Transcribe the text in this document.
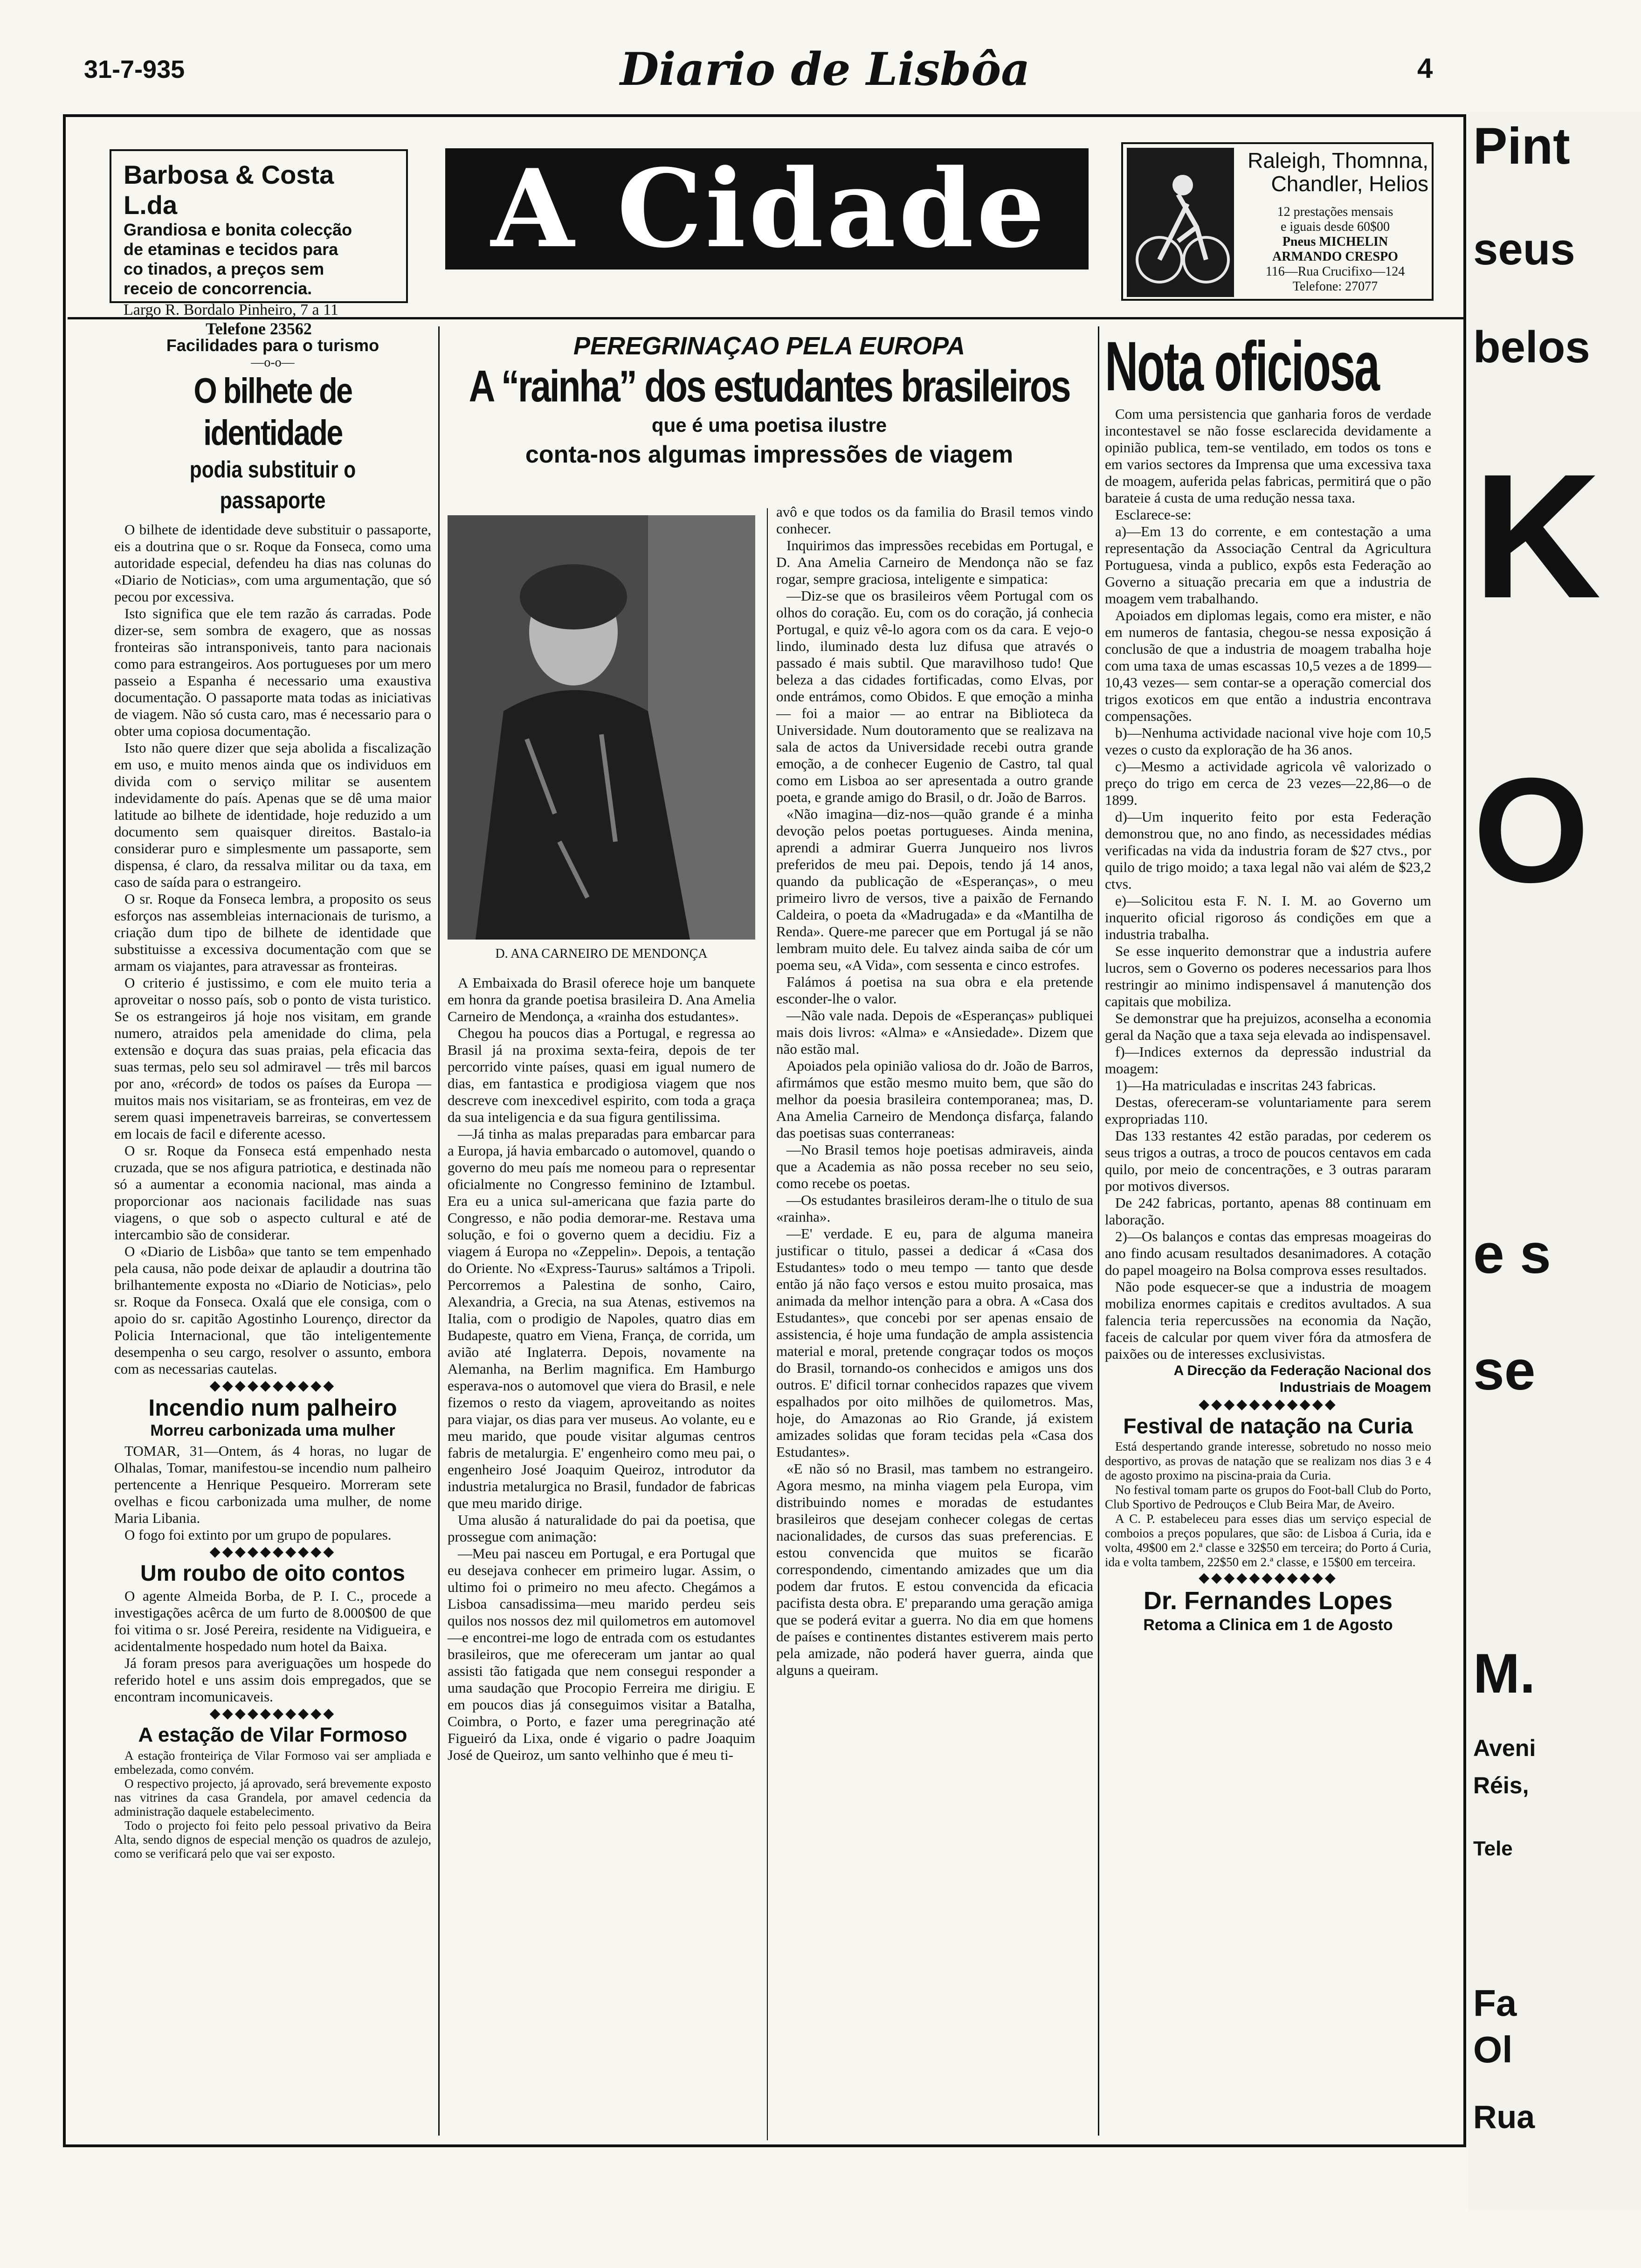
31-7-935	Diario de Lisbôa	4
Barbosa & Costa L.da
Grandiosa e bonita colecção
de etaminas e tecidos para
co tinados, a preços sem
receio de concorrencia.
Largo R. Bordalo Pinheiro, 7 a 11
Telefone 23562
A Cidade	Raleigh, Thomnna, Chandler, Helios
12 prestações mensais
e iguais desde 60$00
Pneus MICHELIN
ARMANDO CRESPO
116—Rua Crucifixo—124
Telefone: 27077
Facilidades para o turismo
—o-o—
O bilhete de identidade
podia substituir o passaporte

O bilhete de identidade deve substituir o passaporte, eis a doutrina que o sr. Roque da Fonseca, como uma autoridade especial, defendeu ha dias nas colunas do «Diario de Noticias», com uma argumentação, que só pecou por excessiva.

Isto significa que ele tem razão ás carradas. Pode dizer-se, sem sombra de exagero, que as nossas fronteiras são intransponiveis, tanto para nacionais como para estrangeiros. Aos portugueses por um mero passeio a Espanha é necessario uma exaustiva documentação. O passaporte mata todas as iniciativas de viagem. Não só custa caro, mas é necessario para o obter uma copiosa documentação.

Isto não quere dizer que seja abolida a fiscalização em uso, e muito menos ainda que os individuos em divida com o serviço militar se ausentem indevidamente do país. Apenas que se dê uma maior latitude ao bilhete de identidade, hoje reduzido a um documento sem quaisquer direitos. Bastalo-ia considerar puro e simplesmente um passaporte, sem dispensa, é claro, da ressalva militar ou da taxa, em caso de saída para o estrangeiro.

O sr. Roque da Fonseca lembra, a proposito os seus esforços nas assembleias internacionais de turismo, a criação dum tipo de bilhete de identidade que substituisse a excessiva documentação com que se armam os viajantes, para atravessar as fronteiras.

O criterio é justissimo, e com ele muito teria a aproveitar o nosso país, sob o ponto de vista turistico. Se os estrangeiros já hoje nos visitam, em grande numero, atraidos pela amenidade do clima, pela extensão e doçura das suas praias, pela eficacia das suas termas, pelo seu sol admiravel — três mil barcos por ano, «récord» de todos os países da Europa — muitos mais nos visitariam, se as fronteiras, em vez de serem quasi impenetraveis barreiras, se convertessem em locais de facil e diferente acesso.

O sr. Roque da Fonseca está empenhado nesta cruzada, que se nos afigura patriotica, e destinada não só a aumentar a economia nacional, mas ainda a proporcionar aos nacionais facilidade nas suas viagens, o que sob o aspecto cultural e até de intercambio são de considerar.

O «Diario de Lisbôa» que tanto se tem empenhado pela causa, não pode deixar de aplaudir a doutrina tão brilhantemente exposta no «Diario de Noticias», pelo sr. Roque da Fonseca. Oxalá que ele consiga, com o apoio do sr. capitão Agostinho Lourenço, director da Policia Internacional, que tão inteligentemente desempenha o seu cargo, resolver o assunto, embora com as necessarias cautelas.

◆◆◆◆◆◆◆◆◆◆
Incendio num palheiro
Morreu carbonizada uma mulher

TOMAR, 31—Ontem, ás 4 horas, no lugar de Olhalas, Tomar, manifestou-se incendio num palheiro pertencente a Henrique Pesqueiro. Morreram sete ovelhas e ficou carbonizada uma mulher, de nome Maria Libania.

O fogo foi extinto por um grupo de populares.

◆◆◆◆◆◆◆◆◆◆
Um roubo de oito contos

O agente Almeida Borba, de P. I. C., procede a investigações acêrca de um furto de 8.000$00 de que foi vitima o sr. José Pereira, residente na Vidigueira, e acidentalmente hospedado num hotel da Baixa.

Já foram presos para averiguações um hospede do referido hotel e uns assim dois empregados, que se encontram incomunicaveis.

◆◆◆◆◆◆◆◆◆◆
A estação de Vilar Formoso

A estação fronteiriça de Vilar Formoso vai ser ampliada e embelezada, como convém.

O respectivo projecto, já aprovado, será brevemente exposto nas vitrines da casa Grandela, por amavel cedencia da administração daquele estabelecimento.

Todo o projecto foi feito pelo pessoal privativo da Beira Alta, sendo dignos de especial menção os quadros de azulejo, como se verificará pelo que vai ser exposto.

PEREGRINAÇAO PELA EUROPA
A “rainha” dos estudantes brasileiros
que é uma poetisa ilustre
conta-nos algumas impressões de viagem
D. ANA CARNEIRO DE MENDONÇA

A Embaixada do Brasil oferece hoje um banquete em honra da grande poetisa brasileira D. Ana Amelia Carneiro de Mendonça, a «rainha dos estudantes».

Chegou ha poucos dias a Portugal, e regressa ao Brasil já na proxima sexta-feira, depois de ter percorrido vinte países, quasi em igual numero de dias, em fantastica e prodigiosa viagem que nos descreve com inexcedivel espirito, com toda a graça da sua inteligencia e da sua figura gentilissima.

—Já tinha as malas preparadas para embarcar para a Europa, já havia embarcado o automovel, quando o governo do meu país me nomeou para o representar oficialmente no Congresso feminino de Iztambul. Era eu a unica sul-americana que fazia parte do Congresso, e não podia demorar-me. Restava uma solução, e foi o governo quem a decidiu. Fiz a viagem á Europa no «Zeppelin». Depois, a tentação do Oriente. No «Express-Taurus» saltámos a Tripoli. Percorremos a Palestina de sonho, Cairo, Alexandria, a Grecia, na sua Atenas, estivemos na Italia, com o prodigio de Napoles, quatro dias em Budapeste, quatro em Viena, França, de corrida, um avião até Inglaterra. Depois, novamente na Alemanha, na Berlim magnifica. Em Hamburgo esperava-nos o automovel que viera do Brasil, e nele fizemos o resto da viagem, aproveitando as noites para viajar, os dias para ver museus. Ao volante, eu e meu marido, que poude visitar algumas centros fabris de metalurgia. E' engenheiro como meu pai, o engenheiro José Joaquim Queiroz, introdutor da industria metalurgica no Brasil, fundador de fabricas que meu marido dirige.

Uma alusão á naturalidade do pai da poetisa, que prossegue com animação:

—Meu pai nasceu em Portugal, e era Portugal que eu desejava conhecer em primeiro lugar. Assim, o ultimo foi o primeiro no meu afecto. Chegámos a Lisboa cansadissima—meu marido perdeu seis quilos nos nossos dez mil quilometros em automovel—e encontrei-me logo de entrada com os estudantes brasileiros, que me ofereceram um jantar ao qual assisti tão fatigada que nem consegui responder a uma saudação que Procopio Ferreira me dirigiu. E em poucos dias já conseguimos visitar a Batalha, Coimbra, o Porto, e fazer uma peregrinação até Figueiró da Lixa, onde é vigario o padre Joaquim José de Queiroz, um santo velhinho que é meu ti-

avô e que todos os da familia do Brasil temos vindo conhecer.

Inquirimos das impressões recebidas em Portugal, e D. Ana Amelia Carneiro de Mendonça não se faz rogar, sempre graciosa, inteligente e simpatica:

—Diz-se que os brasileiros vêem Portugal com os olhos do coração. Eu, com os do coração, já conhecia Portugal, e quiz vê-lo agora com os da cara. E vejo-o lindo, iluminado desta luz difusa que através o passado é mais subtil. Que maravilhoso tudo! Que beleza a das cidades fortificadas, como Elvas, por onde entrámos, como Obidos. E que emoção a minha — foi a maior — ao entrar na Biblioteca da Universidade. Num doutoramento que se realizava na sala de actos da Universidade recebi outra grande emoção, a de conhecer Eugenio de Castro, tal qual como em Lisboa ao ser apresentada a outro grande poeta, e grande amigo do Brasil, o dr. João de Barros.

«Não imagina—diz-nos—quão grande é a minha devoção pelos poetas portugueses. Ainda menina, aprendi a admirar Guerra Junqueiro nos livros preferidos de meu pai. Depois, tendo já 14 anos, quando da publicação de «Esperanças», o meu primeiro livro de versos, tive a paixão de Fernando Caldeira, o poeta da «Madrugada» e da «Mantilha de Renda». Quere-me parecer que em Portugal já se não lembram muito dele. Eu talvez ainda saiba de cór um poema seu, «A Vida», com sessenta e cinco estrofes.

Falámos á poetisa na sua obra e ela pretende esconder-lhe o valor.

—Não vale nada. Depois de «Esperanças» publiquei mais dois livros: «Alma» e «Ansiedade». Dizem que não estão mal.

Apoiados pela opinião valiosa do dr. João de Barros, afirmámos que estão mesmo muito bem, que são do melhor da poesia brasileira contemporanea; mas, D. Ana Amelia Carneiro de Mendonça disfarça, falando das poetisas suas conterraneas:

—No Brasil temos hoje poetisas admiraveis, ainda que a Academia as não possa receber no seu seio, como recebe os poetas.

—Os estudantes brasileiros deram-lhe o titulo de sua «rainha».

—E' verdade. E eu, para de alguma maneira justificar o titulo, passei a dedicar á «Casa dos Estudantes» todo o meu tempo — tanto que desde então já não faço versos e estou muito prosaica, mas animada da melhor intenção para a obra. A «Casa dos Estudantes», que concebi por ser apenas ensaio de assistencia, é hoje uma fundação de ampla assistencia material e moral, pretende congraçar todos os moços do Brasil, tornando-os conhecidos e amigos uns dos outros. E' dificil tornar conhecidos rapazes que vivem espalhados por oito milhões de quilometros. Mas, hoje, do Amazonas ao Rio Grande, já existem amizades solidas que foram tecidas pela «Casa dos Estudantes».

«E não só no Brasil, mas tambem no estrangeiro. Agora mesmo, na minha viagem pela Europa, vim distribuindo nomes e moradas de estudantes brasileiros que desejam conhecer colegas de certas nacionalidades, de cursos das suas preferencias. E estou convencida que muitos se ficarão correspondendo, cimentando amizades que um dia podem dar frutos. E estou convencida da eficacia pacifista desta obra. E' preparando uma geração amiga que se poderá evitar a guerra. No dia em que homens de países e continentes distantes estiverem mais perto pela amizade, não poderá haver guerra, ainda que alguns a queiram.

Nota oficiosa

Com uma persistencia que ganharia foros de verdade incontestavel se não fosse esclarecida devidamente a opinião publica, tem-se ventilado, em todos os tons e em varios sectores da Imprensa que uma excessiva taxa de moagem, auferida pelas fabricas, permitirá que o pão barateie á custa de uma redução nessa taxa.

Esclarece-se:

a)—Em 13 do corrente, e em contestação a uma representação da Associação Central da Agricultura Portuguesa, vinda a publico, expôs esta Federação ao Governo a situação precaria em que a industria de moagem vem trabalhando.

Apoiados em diplomas legais, como era mister, e não em numeros de fantasia, chegou-se nessa exposição á conclusão de que a industria de moagem trabalha hoje com uma taxa de umas escassas 10,5 vezes a de 1899—10,43 vezes— sem contar-se a operação comercial dos trigos exoticos em que então a industria encontrava compensações.

b)—Nenhuma actividade nacional vive hoje com 10,5 vezes o custo da exploração de ha 36 anos.

c)—Mesmo a actividade agricola vê valorizado o preço do trigo em cerca de 23 vezes—22,86—o de 1899.

d)—Um inquerito feito por esta Federação demonstrou que, no ano findo, as necessidades médias verificadas na vida da industria foram de $27 ctvs., por quilo de trigo moido; a taxa legal não vai além de $23,2 ctvs.

e)—Solicitou esta F. N. I. M. ao Governo um inquerito oficial rigoroso ás condições em que a industria trabalha.

Se esse inquerito demonstrar que a industria aufere lucros, sem o Governo os poderes necessarios para lhos restringir ao minimo indispensavel á manutenção dos capitais que mobiliza.

Se demonstrar que ha prejuizos, aconselha a economia geral da Nação que a taxa seja elevada ao indispensavel.

f)—Indices externos da depressão industrial da moagem:

1)—Ha matriculadas e inscritas 243 fabricas.

Destas, ofereceram-se voluntariamente para serem expropriadas 110.

Das 133 restantes 42 estão paradas, por cederem os seus trigos a outras, a troco de poucos centavos em cada quilo, por meio de concentrações, e 3 outras pararam por motivos diversos.

De 242 fabricas, portanto, apenas 88 continuam em laboração.

2)—Os balanços e contas das empresas moageiras do ano findo acusam resultados desanimadores. A cotação do papel moageiro na Bolsa comprova esses resultados.

Não pode esquecer-se que a industria de moagem mobiliza enormes capitais e creditos avultados. A sua falencia teria repercussões na economia da Nação, faceis de calcular por quem viver fóra da atmosfera de paixões ou de interesses exclusivistas.

A Direcção da Federação Nacional dos Industriais de Moagem
◆◆◆◆◆◆◆◆◆◆◆
Festival de natação na Curia

Está despertando grande interesse, sobretudo no nosso meio desportivo, as provas de natação que se realizam nos dias 3 e 4 de agosto proximo na piscina-praia da Curia.

No festival tomam parte os grupos do Foot-ball Club do Porto, Club Sportivo de Pedrouços e Club Beira Mar, de Aveiro.

A C. P. estabeleceu para esses dias um serviço especial de comboios a preços populares, que são: de Lisboa á Curia, ida e volta, 49$00 em 2.ª classe e 32$50 em terceira; do Porto á Curia, ida e volta tambem, 22$50 em 2.ª classe, e 15$00 em terceira.

◆◆◆◆◆◆◆◆◆◆◆
Dr. Fernandes Lopes
Retoma a Clinica em 1 de Agosto
Pint
seus
belos
K
O
e s
se
M.
Aveni
Réis,
Tele
Fa
Ol
Rua
